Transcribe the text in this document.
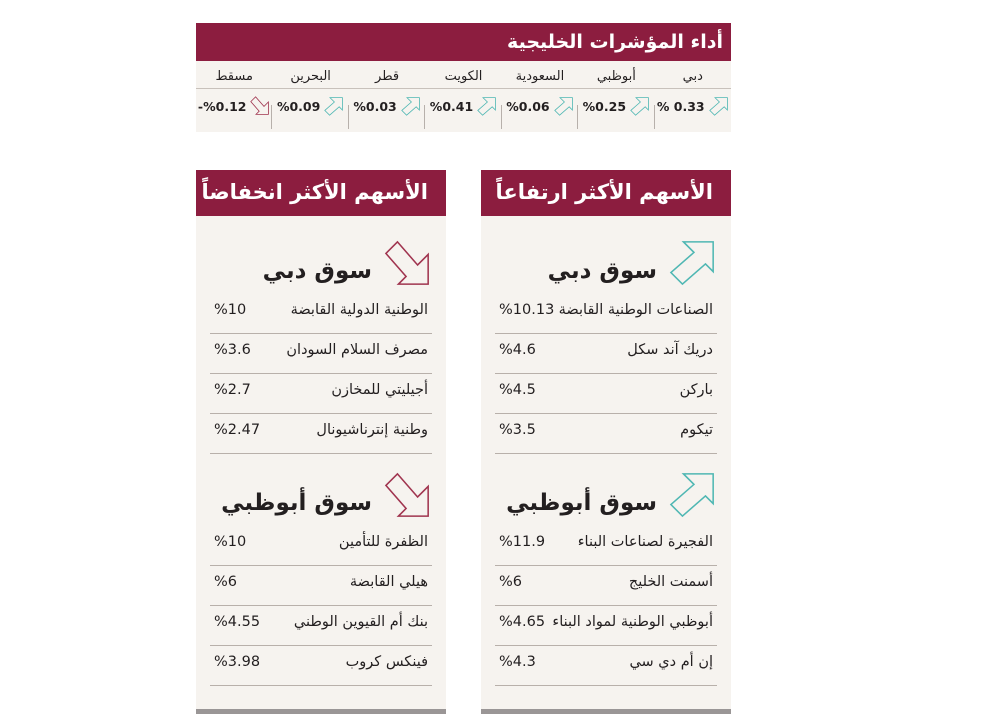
أداء المؤشرات الخليجية
دبي
% 0.33
أبوظبي
%0.25
السعودية
%0.06
الكويت
%0.41
قطر
%0.03
البحرين
%0.09
مسقط
-%0.12
الأسهم الأكثر ارتفاعاً
سوق دبي
الصناعات الوطنية القابضة
%10.13
دريك آند سكل
%4.6
باركن
%4.5
تيكوم
%3.5
سوق أبوظبي
الفجيرة لصناعات البناء
%11.9
أسمنت الخليج
%6
أبوظبي الوطنية لمواد البناء
%4.65
إن أم دي سي
%4.3
الأسهم الأكثر انخفاضاً
سوق دبي
الوطنية الدولية القابضة
%10
مصرف السلام السودان
%3.6
أجيليتي للمخازن
%2.7
وطنية إنترناشيونال
%2.47
سوق أبوظبي
الظفرة للتأمين
%10
هيلي القابضة
%6
بنك أم القيوين الوطني
%4.55
فينكس كروب
%3.98
